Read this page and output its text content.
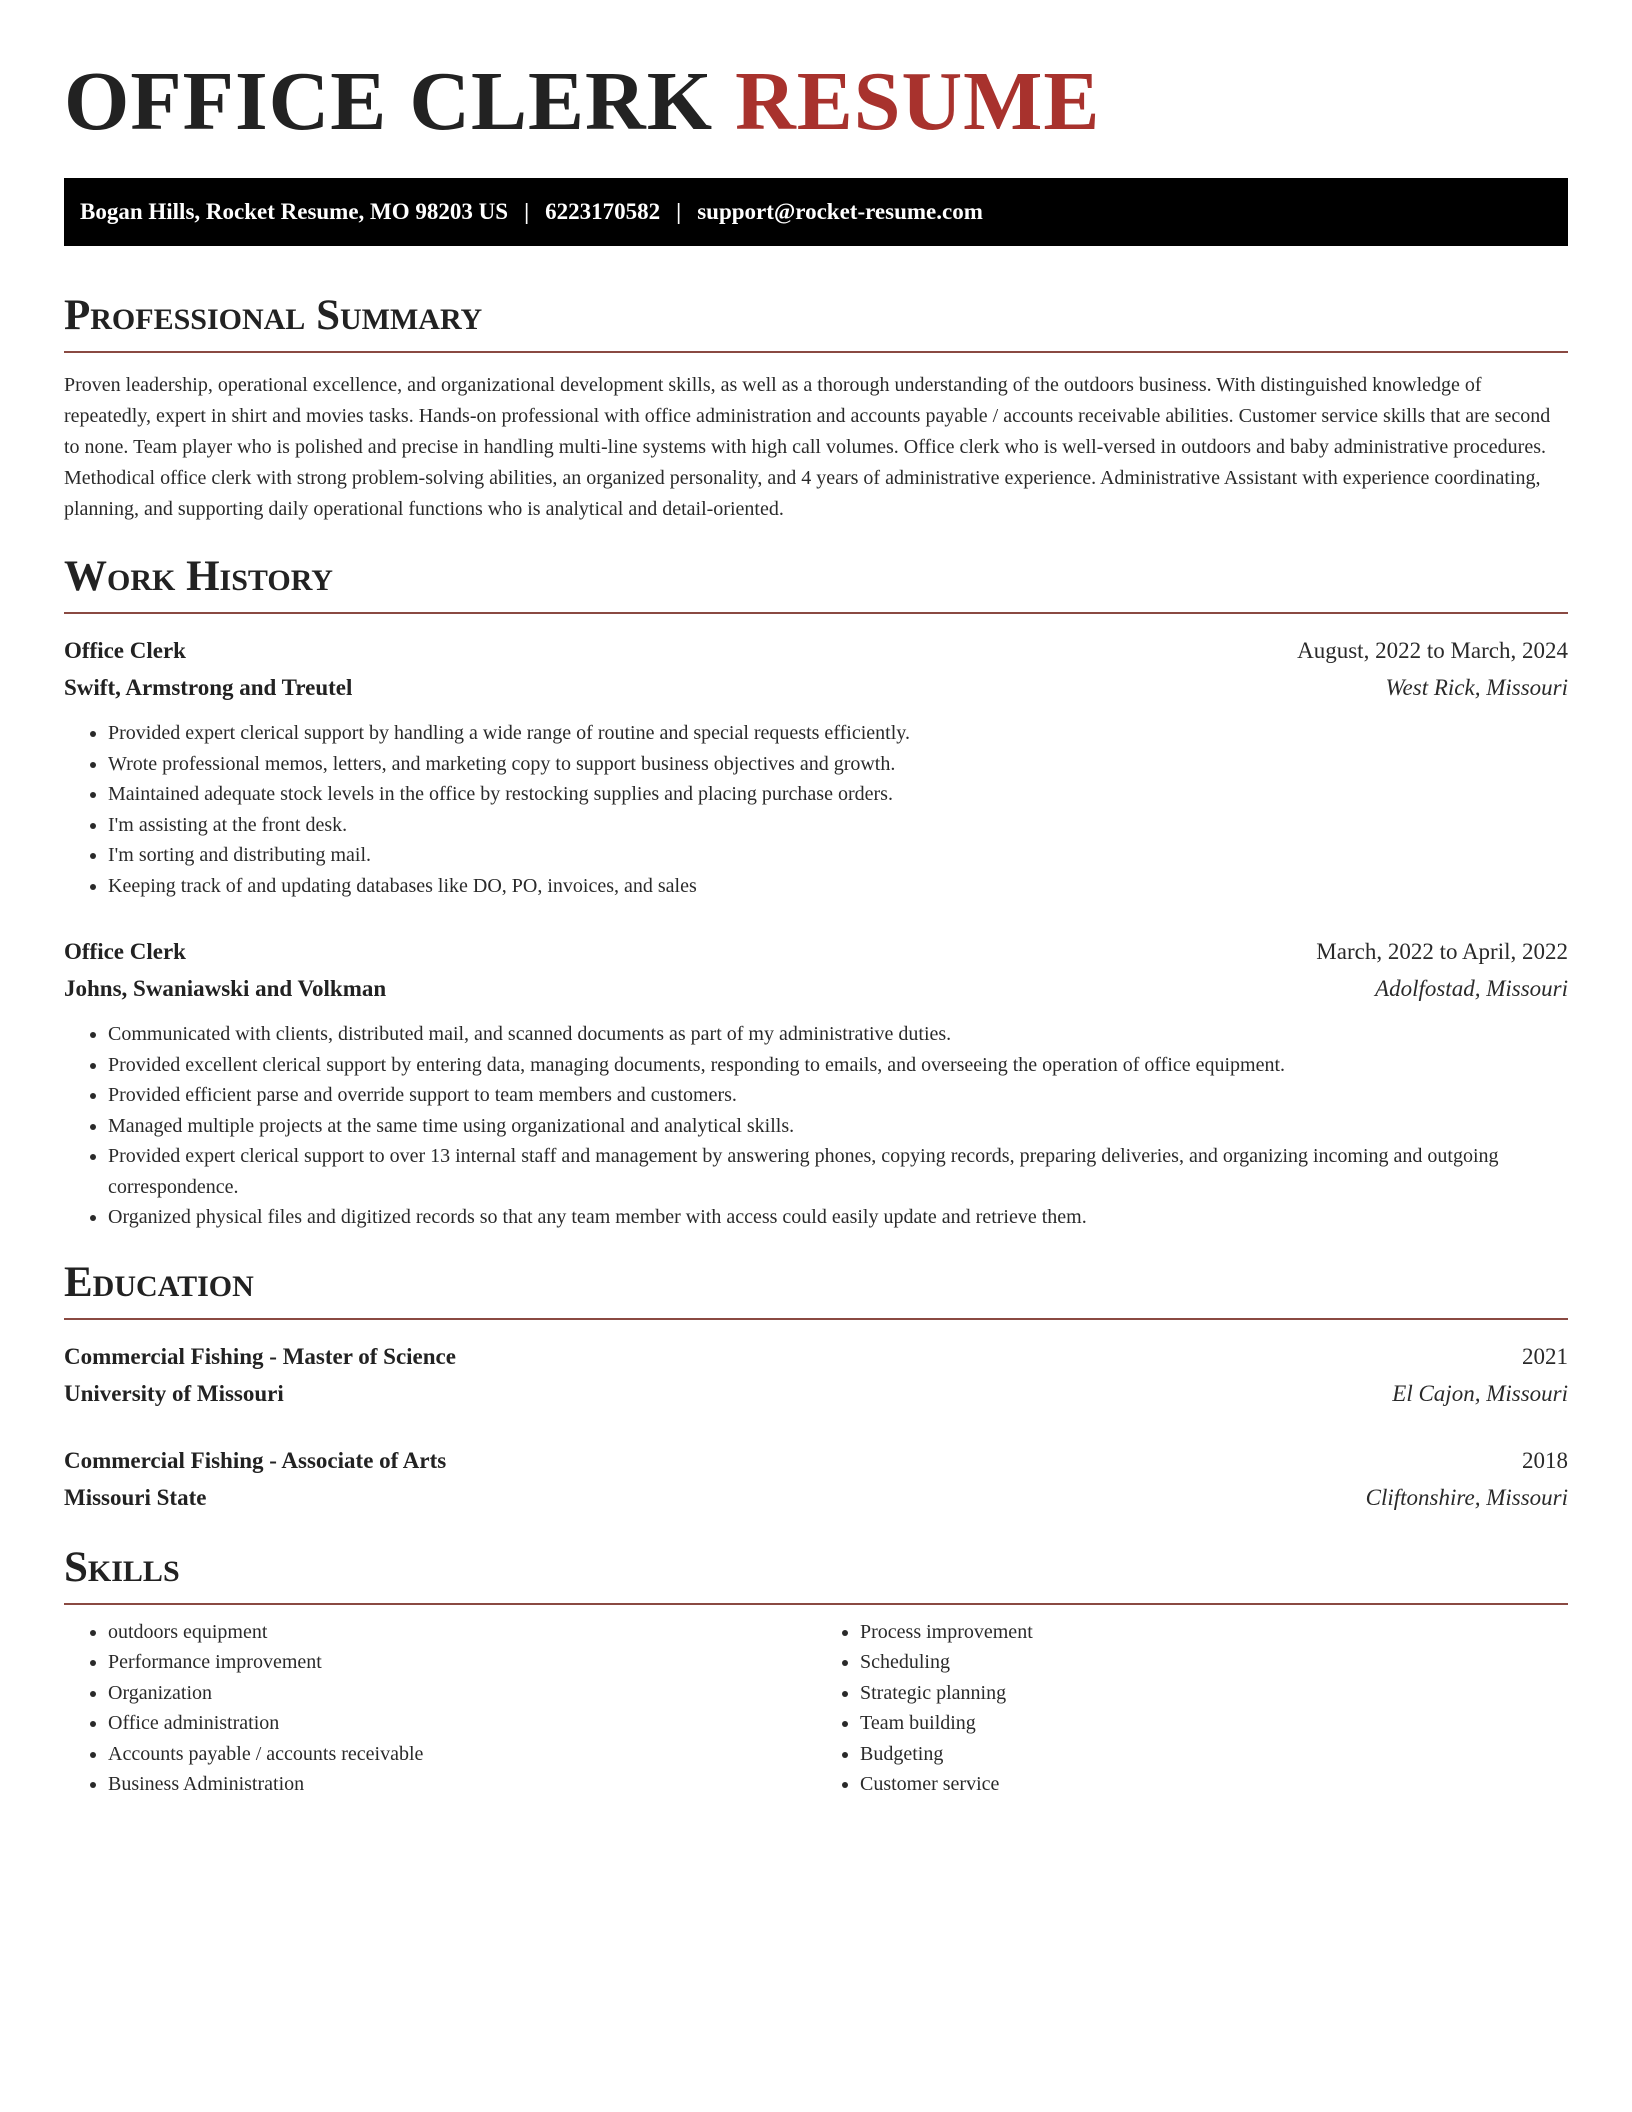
OFFICE CLERK RESUME
Bogan Hills, Rocket Resume, MO 98203 US | 6223170582 | support@rocket-resume.com
Professional Summary

Proven leadership, operational excellence, and organizational development skills, as well as a thorough understanding of the outdoors business. With distinguished knowledge of repeatedly, expert in shirt and movies tasks. Hands-on professional with office administration and accounts payable / accounts receivable abilities. Customer service skills that are second to none. Team player who is polished and precise in handling multi-line systems with high call volumes. Office clerk who is well-versed in outdoors and baby administrative procedures. Methodical office clerk with strong problem-solving abilities, an organized personality, and 4 years of administrative experience. Administrative Assistant with experience coordinating, planning, and supporting daily operational functions who is analytical and detail-oriented.

Work History
Office Clerk	August, 2022 to March, 2024
Swift, Armstrong and Treutel	West Rick, Missouri
• Provided expert clerical support by handling a wide range of routine and special requests efficiently.
• Wrote professional memos, letters, and marketing copy to support business objectives and growth.
• Maintained adequate stock levels in the office by restocking supplies and placing purchase orders.
• I'm assisting at the front desk.
• I'm sorting and distributing mail.
• Keeping track of and updating databases like DO, PO, invoices, and sales
Office Clerk	March, 2022 to April, 2022
Johns, Swaniawski and Volkman	Adolfostad, Missouri
• Communicated with clients, distributed mail, and scanned documents as part of my administrative duties.
• Provided excellent clerical support by entering data, managing documents, responding to emails, and overseeing the operation of office equipment.
• Provided efficient parse and override support to team members and customers.
• Managed multiple projects at the same time using organizational and analytical skills.
• Provided expert clerical support to over 13 internal staff and management by answering phones, copying records, preparing deliveries, and organizing incoming and outgoing correspondence.
• Organized physical files and digitized records so that any team member with access could easily update and retrieve them.
Education
Commercial Fishing - Master of Science	2021
University of Missouri	El Cajon, Missouri
Commercial Fishing - Associate of Arts	2018
Missouri State	Cliftonshire, Missouri
Skills
• outdoors equipment
• Performance improvement
• Organization
• Office administration
• Accounts payable / accounts receivable
• Business Administration
• Process improvement
• Scheduling
• Strategic planning
• Team building
• Budgeting
• Customer service
